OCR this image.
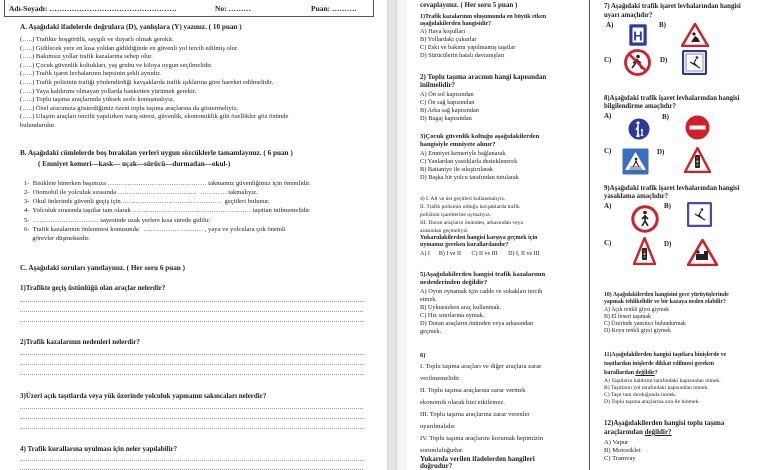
Adı-Soyadı: ……………………………………………	No: ………	Puan: ……….
A. Aşağıdaki ifadelerde doğrulara (D), yanlışlara (Y) yazınız. ( 10 puan )
(…..) Trafikte hoşgörülü, saygılı ve duyarlı olmak gerekir.
(…..) Gidilecek yere en kısa yoldan gidildiğinde en güvenli yol tercih edilmiş olur.
(…..) Bakımsız yollar trafik kazalarına sebep olur.
(…..) Çocuk güvenlik koltukları, yaş grubu ve kiloya uygun seçilmelidir.
(…..) Trafik işaret levhalarının hepsinin şekli aynıdır.
(…..) Trafik polisinin trafiği yönlendirdiği kavşaklarda trafik ışıklarına göre hareket edilmelidir.
(…..) Yaya kaldırımı olmayan yollarda banketten yürümek gerekir.
(…..) Toplu taşıma araçlarında yüksek sesle konuşmalıyız.
(…..) Özel aracımıza gösterdiğimiz özeni toplu taşıma araçlarına da göstermeliyiz.
(…..) Ulaşım araçları tercihi yapılırken varış süresi, güvenlik, ekonomiklik gibi özellikler göz önünde
bulundurulur.
B. Aşağıdaki cümlelerde boş bırakılan yerleri uygun sözcüklerle tamamlayınız. ( 6 puan )
( Emniyet kemeri—kask— uçak—sürücü—durmadan—okul-)
1-  Bisiklete binerken başımıza ……………………………………… takmamız güvenliğimiz için önemlidir.
2-  Otomobil ile yolculuk sırasında ………………………………  ………… takmalıyız.
3-  Okul önlerinde güvenli geçiş için ………………………………………  geçitleri bulunur.
4-  Yolculuk sırasında taşıtlar tam olarak ……………………………………………… taşıttan inilmemelidir.
5-  ………………………… sayesinde uzak yerlere kısa sürede gidilir.
6-  Trafik kazalarının önlenmesi konusunda   ……………………… , yaya ve yolculara çok önemli
görevler düşmektedir.
C. Aşağıdaki soruları yanıtlayınız. ( Her soru 6 puan )
1)Trafikte geçiş üstünlüğü olan araçlar nelerdir?
2)Trafik kazalarının nedenleri nelerdir?
3)Üzeri açık taşıtlarda veya yük üzerinde yolculuk yapmanın sakıncaları nelerdir?
4) Trafik kurallarına uyulması için neler yapılabilir?
cevaplayınız. ( Her soru 5 puan )
1)Trafik kazalarının oluşumunda en büyük etken
aşağıdakilerden hangisidir?
A) Hava koşulları
B) Yollardaki çukurlar
C) Eski ve bakımı yapılmamış taşıtlar
D) Sürücülerin hatalı davranışları
2) Toplu taşıma aracının hangi kapısından
inilmelidir?
A) Ön sol kapısından
C) Ön sağ kapısından
B) Arka sağ kapısından
D) Bagaj kapısından
3)Çocuk güvenlik koltuğu aşağıdakilerden
hangisiyle emniyete alınır?
A) Emniyet kemeriyle bağlanarak
C) Yanlardan yastıklarla desteklenerek
B) Battaniye ile sıkıştırılarak
D) Başka bir yolcu tarafından tutularak
4) I. Alt ve üst geçitleri kullanmalıyız.
II. Trafik polisinin olduğu kavşaklarda trafik
polisinin işaretlerine uymalıyız.
III. Duran araçların önünden, arkasından veya
arasından geçmeliyiz.
Yukarıdakilerden hangisi karşıya geçmek için
uymamız gereken kurallardandır?
A) I      B) I ve II       C) II ve III       D) I, II ve III
5)Aşağıdakilerden hangisi trafik kazalarının
nedenlerinden değildir?
A) Oyun oynamak için cadde ve sokakları tercih
etmek.
B) Uykusuzken araç kullanmak.
C) Hız sınırlarına uymak.
D) Duran araçların önünden veya arkasından
geçmek.
6)
I. Toplu taşıma araçları ve diğer araçlara zarar
verilmemelidir.
II. Toplu taşıma araçlarına zarar vermek
ekonomik olarak bizi etkilemez.
III. Toplu taşıma araçlarına zarar verenler
uyarılmalıdır.
IV. Toplu taşıma araçlarını korumak hepimizin
sorumluluğudur.
Yukarıda verilen ifadelerden hangileri
doğrudur?
7) Aşağıdaki trafik işaret levhalarından hangisi
uyarı amaçlıdır?
A)	B)
C)	D)
H
8)Aşağıdaki trafik işaret levhalarından hangisi
bilgilendirme amaçlıdır?
A)	B)
C)	D)
9)Aşağıdaki trafik işaret levhalarından hangisi
yasaklama amaçlıdır?
A)	B)
C)	D)
10) Aşağıdakilerden hangisini gece yürüyüşlerinde
yapmak tehlikelidir ve bir kazaya neden olabilir?
A) Açık renkli giysi giymek
B) El feneri taşımak
C) Üzerinde yansıtıcı bulundurmak
D) Koyu renkli giysi giymek
11)Aşağıdakilerden hangisi taşıtlara binişlerde ve
taşıtlardan inişlerde dikkat edilmesi gereken
kurallardan değildir?
A) Taşıtların kaldırım tarafındaki kapısından inmek.
B) Taşıtların yol tarafındaki kapısından inmek.
C) Taşıt tam durduğunda inmek.
D) Toplu taşıma araçlarına sıra ile binmek.
12)Aşağıdakilerden hangisi toplu taşıma
araçlarından değildir?
A) Vapur
B) Motosiklet
C) Tramvay
